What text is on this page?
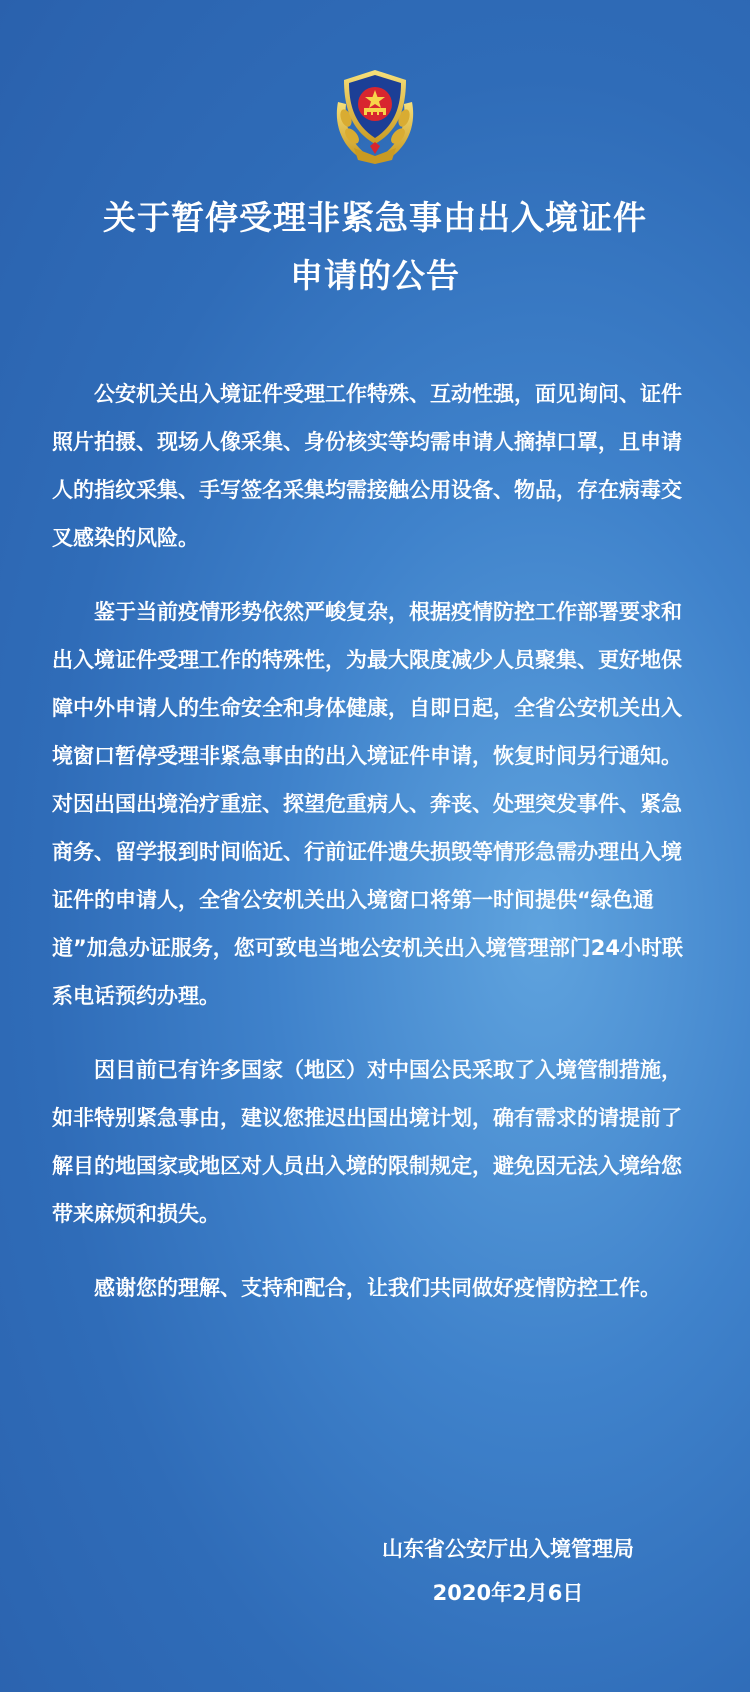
关于暂停受理非紧急事由出入境证件
申请的公告

公安机关出入境证件受理工作特殊、互动性强，面见询问、证件照片拍摄、现场人像采集、身份核实等均需申请人摘掉口罩，且申请人的指纹采集、手写签名采集均需接触公用设备、物品，存在病毒交叉感染的风险。

鉴于当前疫情形势依然严峻复杂，根据疫情防控工作部署要求和出入境证件受理工作的特殊性，为最大限度减少人员聚集、更好地保障中外申请人的生命安全和身体健康，自即日起，全省公安机关出入境窗口暂停受理非紧急事由的出入境证件申请，恢复时间另行通知。对因出国出境治疗重症、探望危重病人、奔丧、处理突发事件、紧急商务、留学报到时间临近、行前证件遗失损毁等情形急需办理出入境证件的申请人，全省公安机关出入境窗口将第一时间提供“绿色通道”加急办证服务，您可致电当地公安机关出入境管理部门24小时联系电话预约办理。

因目前已有许多国家（地区）对中国公民采取了入境管制措施，如非特别紧急事由，建议您推迟出国出境计划，确有需求的请提前了解目的地国家或地区对人员出入境的限制规定，避免因无法入境给您带来麻烦和损失。

感谢您的理解、支持和配合，让我们共同做好疫情防控工作。

山东省公安厅出入境管理局
2020年2月6日
